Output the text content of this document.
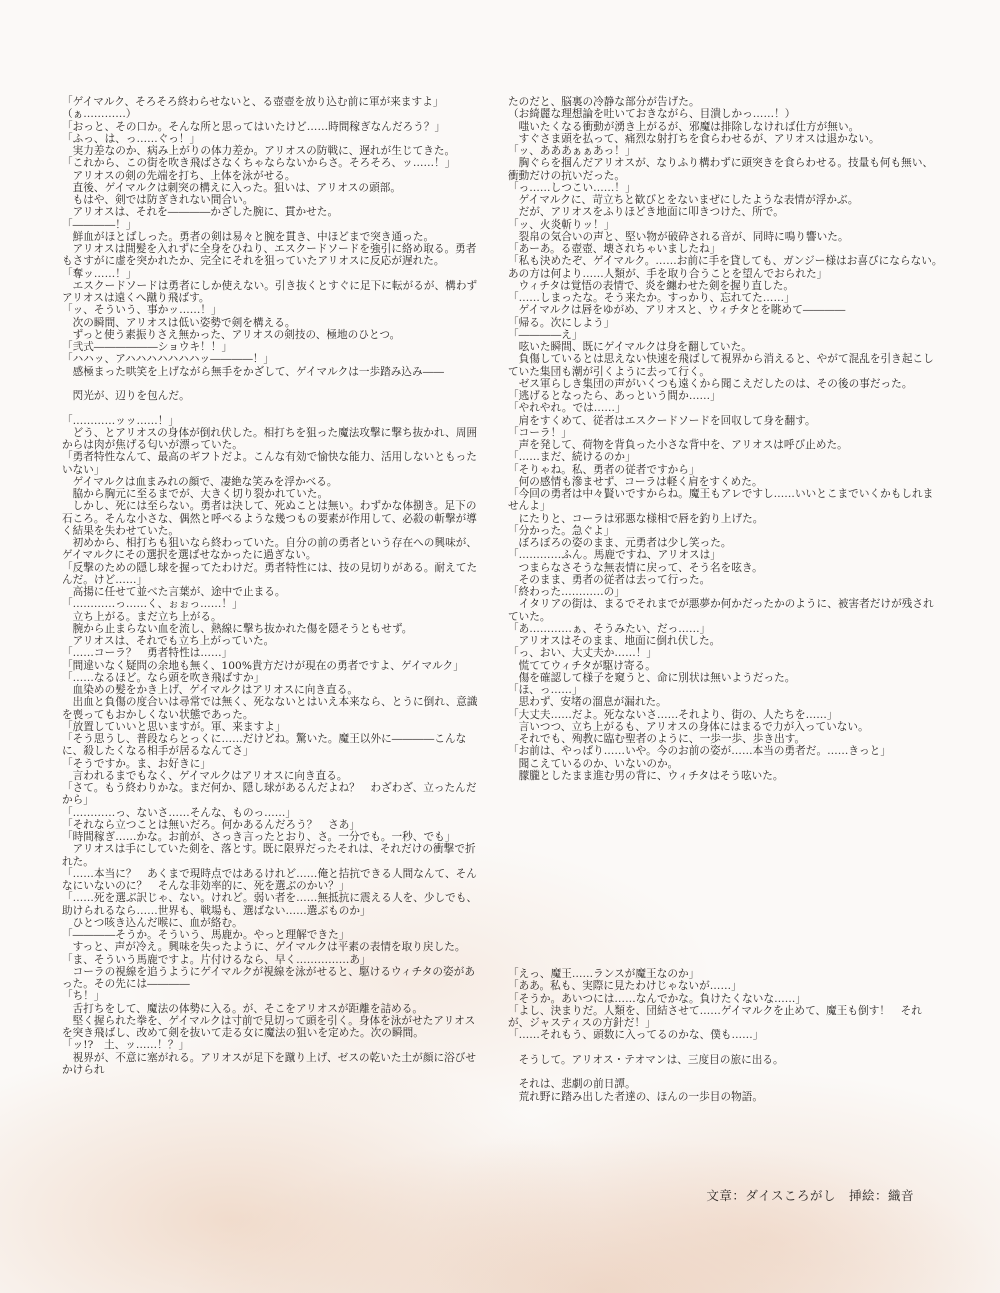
「ゲイマルク、そろそろ終わらせないと、る壺壺を放り込む前に軍が来ますよ」

（ぁ…………）

「おっと、その口か。そんな所と思ってはいたけど……時間稼ぎなんだろう？」

「ふっ、は、っ……ぐっ！」

　実力差なのか、病み上がりの体力差か。アリオスの防戦に、遅れが生じてきた。

「これから、この街を吹き飛ばさなくちゃならないからさ。そろそろ、ッ……！」

　アリオスの剣の先端を打ち、上体を泳がせる。

　直後、ゲイマルクは刺突の構えに入った。狙いは、アリオスの頭部。

　もはや、剣では防ぎきれない間合い。

　アリオスは、それを――――かざした腕に、貫かせた。

「――――！」

　鮮血がほとばしった。勇者の剣は易々と腕を貫き、中ほどまで突き通った。

　アリオスは間髪を入れずに全身をひねり、エスクードソードを強引に絡め取る。勇者もさすがに虚を突かれたか、完全にそれを狙っていたアリオスに反応が遅れた。

「奪ッ……！」

　エスクードソードは勇者にしか使えない。引き抜くとすぐに足下に転がるが、構わずアリオスは遠くへ蹴り飛ばす。

「ッ、そういう、事かッ……！」

　次の瞬間、アリオスは低い姿勢で剣を構える。

　ずっと使う素振りさえ無かった、アリオスの剣技の、極地のひとつ。

「弐式――――――ショウキ！！」

「ハハッ、アハハハハハハハッ――――！」

　感極まった哄笑を上げながら無手をかざして、ゲイマルクは一歩踏み込み――

　閃光が、辺りを包んだ。

「…………ッッ……！」

　どう、とアリオスの身体が倒れ伏した。相打ちを狙った魔法攻撃に撃ち抜かれ、周囲からは肉が焦げる匂いが漂っていた。

「勇者特性なんて、最高のギフトだよ。こんな有効で愉快な能力、活用しないともったいない」

　ゲイマルクは血まみれの顔で、凄絶な笑みを浮かべる。

　脇から胸元に至るまでが、大きく切り裂かれていた。

　しかし、死には至らない。勇者は決して、死ぬことは無い。わずかな体捌き。足下の石ころ。そんな小さな、偶然と呼べるような幾つもの要素が作用して、必殺の斬撃が導く結果を失わせていた。

　初めから、相打ちも狙いなら終わっていた。自分の前の勇者という存在への興味が、ゲイマルクにその選択を選ばせなかったに過ぎない。

「反撃のための隠し球を握ってたわけだ。勇者特性には、技の見切りがある。耐えてたんだ。けど……」

　高揚に任せて並べた言葉が、途中で止まる。

「…………っ……く、ぉぉっ……！」

　立ち上がる。まだ立ち上がる。

　腕から止まらない血を流し、熱線に撃ち抜かれた傷を隠そうともせず。

　アリオスは、それでも立ち上がっていた。

「……コーラ？　勇者特性は……」

「間違いなく疑問の余地も無く、100%貴方だけが現在の勇者ですよ、ゲイマルク」

「……なるほど。なら頭を吹き飛ばすか」

　血染めの髪をかき上げ、ゲイマルクはアリオスに向き直る。

　出血と負傷の度合いは尋常では無く、死なないとはいえ本来なら、とうに倒れ、意識を喪ってもおかしくない状態であった。

「放置していいと思いますが。軍、来ますよ」

「そう思うし、普段ならとっくに……だけどね。驚いた。魔王以外に――――こんなに、殺したくなる相手が居るなんてさ」

「そうですか。ま、お好きに」

　言われるまでもなく、ゲイマルクはアリオスに向き直る。

「さて。もう終わりかな。まだ何か、隠し球があるんだよね？　わざわざ、立ったんだから」

「…………っ、ないさ……そんな、ものっ……」

「それなら立つことは無いだろ。何かあるんだろう？　さあ」

「時間稼ぎ……かな。お前が、さっき言ったとおり、さ。一分でも。一秒、でも」

　アリオスは手にしていた剣を、落とす。既に限界だったそれは、それだけの衝撃で折れた。

「……本当に？　あくまで現時点ではあるけれど……俺と拮抗できる人間なんて、そんなにいないのに？　そんな非効率的に、死を選ぶのかい？」

「……死を選ぶ訳じゃ、ない。けれど。弱い者を……無抵抗に震える人を、少しでも、助けられるなら……世界も、戦場も、選ばない……選ぶものか」

　ひとつ咳き込んだ喉に、血が絡む。

「――――そうか。そういう、馬鹿か。やっと理解できた」

　すっと、声が冷え。興味を失ったように、ゲイマルクは平素の表情を取り戻した。

「ま、そういう馬鹿ですよ。片付けるなら、早く……………あ」

　コーラの視線を追うようにゲイマルクが視線を泳がせると、駆けるウィチタの姿があった。その先には――――

「ち！」

　舌打ちをして、魔法の体勢に入る。が、そこをアリオスが距離を詰める。

　堅く握られた拳を、ゲイマルクは寸前で見切って頭を引く。身体を泳がせたアリオスを突き飛ばし、改めて剣を抜いて走る女に魔法の狙いを定めた。次の瞬間。

「ッ!?　土、ッ……！？」

　視界が、不意に塞がれる。アリオスが足下を蹴り上げ、ゼスの乾いた土が顔に浴びせかけられ

たのだと、脳裏の冷静な部分が告げた。

（お綺麗な理想論を吐いておきながら、目潰しかっ……！）

　嗤いたくなる衝動が湧き上がるが、邪魔は排除しなければ仕方が無い。

　すぐさま頭を払って、痛烈な射打ちを食らわせるが、アリオスは退かない。

「ッ、あああぁぁあっ！」

　胸ぐらを掴んだアリオスが、なりふり構わずに頭突きを食らわせる。技量も何も無い、衝動だけの抗いだった。

「っ……しつこい……！」

　ゲイマルクに、苛立ちと歓びとをないまぜにしたような表情が浮かぶ。

　だが、アリオスをふりほどき地面に叩きつけた、所で。

「ッ、火炎斬りッ！」

　裂帛の気合いの声と、堅い物が破砕される音が、同時に鳴り響いた。

「あーあ。る壺壺、壊されちゃいましたね」

「私も決めたぞ、ゲイマルク。……お前に手を貸しても、ガンジー様はお喜びにならない。あの方は何より……人類が、手を取り合うことを望んでおられた」

　ウィチタは覚悟の表情で、炎を纏わせた剣を握り直した。

「……しまったな。そう来たか。すっかり、忘れてた……」

　ゲイマルクは唇をゆがめ、アリオスと、ウィチタとを眺めて――――

「帰る。次にしよう」

「――――え」

　呟いた瞬間、既にゲイマルクは身を翻していた。

　負傷しているとは思えない快速を飛ばして視界から消えると、やがて混乱を引き起こしていた集団も潮が引くように去って行く。

　ゼス軍らしき集団の声がいくつも遠くから聞こえだしたのは、その後の事だった。

「逃げるとなったら、あっという間か……」

「やれやれ。では……」

　肩をすくめて、従者はエスクードソードを回収して身を翻す。

「コーラ！」

　声を発して、荷物を背負った小さな背中を、アリオスは呼び止めた。

「……まだ、続けるのか」

「そりゃね。私、勇者の従者ですから」

　何の感情も滲ませず、コーラは軽く肩をすくめた。

「今回の勇者は中々賢いですからね。魔王もアレですし……いいとこまでいくかもしれませんよ」

　にたりと、コーラは邪悪な様相で唇を釣り上げた。

「分かった。急ぐよ」

　ぼろぼろの姿のまま、元勇者は少し笑った。

「…………ふん。馬鹿ですね、アリオスは」

　つまらなさそうな無表情に戻って、そう名を呟き。

　そのまま、勇者の従者は去って行った。

「終わった…………の」

　イタリアの街は、まるでそれまでが悪夢か何かだったかのように、被害者だけが残されていた。

「あ…………ぁ、そうみたい、だっ……」

　アリオスはそのまま、地面に倒れ伏した。

「っ、おい、大丈夫か……！」

　慌ててウィチタが駆け寄る。

　傷を確認して様子を窺うと、命に別状は無いようだった。

「ほ、っ……」

　思わず、安堵の溜息が漏れた。

「大丈夫……だよ。死なないさ……それより、街の、人たちを……」

　言いつつ、立ち上がるも、アリオスの身体にはまるで力が入っていない。

　それでも、殉教に臨む聖者のように、一歩一歩、歩き出す。

「お前は、やっぱり……いや。今のお前の姿が……本当の勇者だ。……きっと」

　聞こえているのか、いないのか。

　朦朧としたまま進む男の背に、ウィチタはそう呟いた。

「えっ、魔王……ランスが魔王なのか」

「ああ。私も、実際に見たわけじゃないが……」

「そうか。あいつには……なんでかな。負けたくないな……」

「よし、決まりだ。人類を、団結させて……ゲイマルクを止めて、魔王も倒す！　それが、ジャスティスの方針だ！」

「……それもう、頭数に入ってるのかな、僕も……」

　そうして。アリオス・テオマンは、三度目の旅に出る。

　それは、悲劇の前日譚。

　荒れ野に踏み出した者達の、ほんの一歩目の物語。

文章：ダイスころがし　挿絵：織音
